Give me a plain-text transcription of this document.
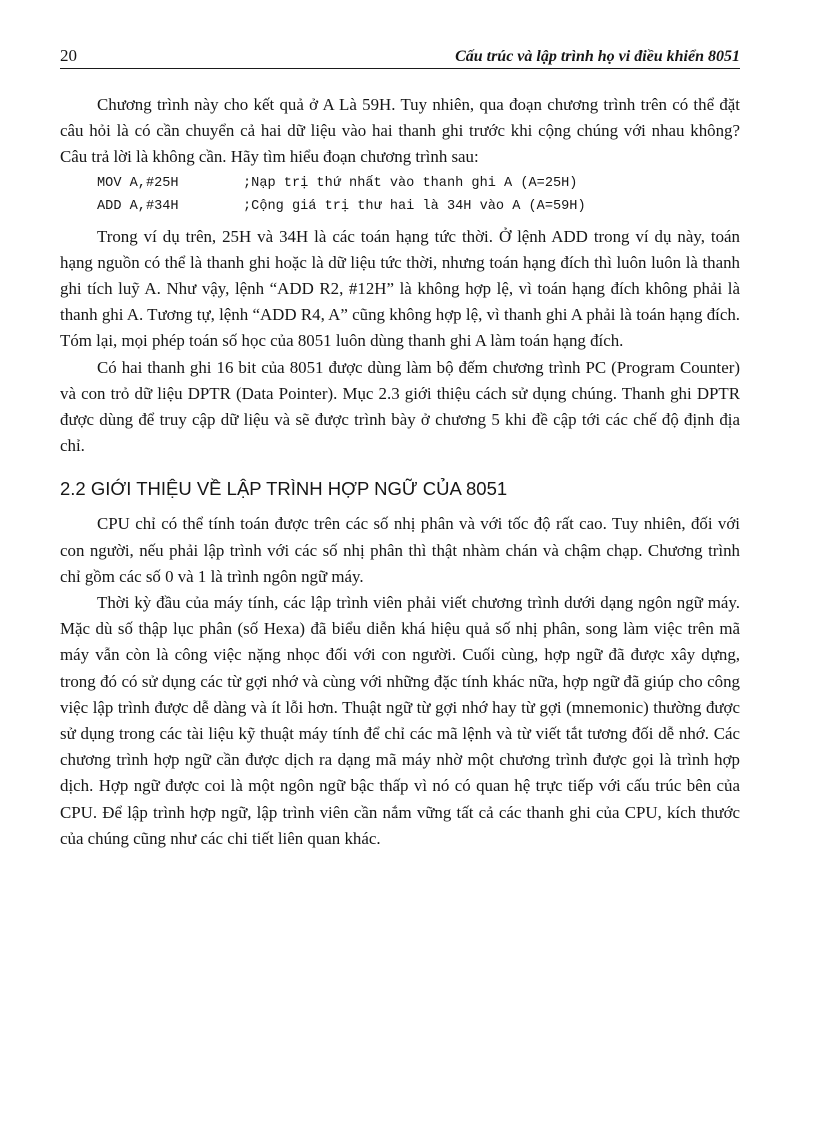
20	Cấu trúc và lập trình họ vi điều khiển 8051

Chương trình này cho kết quả ở A Là 59H. Tuy nhiên, qua đoạn chương trình trên có thể đặt câu hỏi là có cần chuyển cả hai dữ liệu vào hai thanh ghi trước khi cộng chúng với nhau không? Câu trả lời là không cần. Hãy tìm hiểu đoạn chương trình sau:

MOV A,#25H	;Nạp trị thứ nhất vào thanh ghi A (A=25H)
ADD A,#34H	;Cộng giá trị thư hai là 34H vào A (A=59H)

Trong ví dụ trên, 25H và 34H là các toán hạng tức thời. Ở lệnh ADD trong ví dụ này, toán hạng nguồn có thể là thanh ghi hoặc là dữ liệu tức thời, nhưng toán hạng đích thì luôn luôn là thanh ghi tích luỹ A. Như vậy, lệnh “ADD R2, #12H” là không hợp lệ, vì toán hạng đích không phải là thanh ghi A. Tương tự, lệnh “ADD R4, A” cũng không hợp lệ, vì thanh ghi A phải là toán hạng đích. Tóm lại, mọi phép toán số học của 8051 luôn dùng thanh ghi A làm toán hạng đích.

Có hai thanh ghi 16 bit của 8051 được dùng làm bộ đếm chương trình PC (Program Counter) và con trỏ dữ liệu DPTR (Data Pointer). Mục 2.3 giới thiệu cách sử dụng chúng. Thanh ghi DPTR được dùng để truy cập dữ liệu và sẽ được trình bày ở chương 5 khi đề cập tới các chế độ định địa chỉ.

2.2 GIỚI THIỆU VỀ LẬP TRÌNH HỢP NGỮ CỦA 8051

CPU chỉ có thể tính toán được trên các số nhị phân và với tốc độ rất cao. Tuy nhiên, đối với con người, nếu phải lập trình với các số nhị phân thì thật nhàm chán và chậm chạp. Chương trình chỉ gồm các số 0 và 1 là trình ngôn ngữ máy.

Thời kỳ đầu của máy tính, các lập trình viên phải viết chương trình dưới dạng ngôn ngữ máy. Mặc dù số thập lục phân (số Hexa) đã biểu diễn khá hiệu quả số nhị phân, song làm việc trên mã máy vẫn còn là công việc nặng nhọc đối với con người. Cuối cùng, hợp ngữ đã được xây dựng, trong đó có sử dụng các từ gợi nhớ và cùng với những đặc tính khác nữa, hợp ngữ đã giúp cho công việc lập trình được dễ dàng và ít lỗi hơn. Thuật ngữ từ gợi nhớ hay từ gợi (mnemonic) thường được sử dụng trong các tài liệu kỹ thuật máy tính để chỉ các mã lệnh và từ viết tắt tương đối dễ nhớ. Các chương trình hợp ngữ cần được dịch ra dạng mã máy nhờ một chương trình được gọi là trình hợp dịch. Hợp ngữ được coi là một ngôn ngữ bậc thấp vì nó có quan hệ trực tiếp với cấu trúc bên của CPU. Để lập trình hợp ngữ, lập trình viên cần nắm vững tất cả các thanh ghi của CPU, kích thước của chúng cũng như các chi tiết liên quan khác.
